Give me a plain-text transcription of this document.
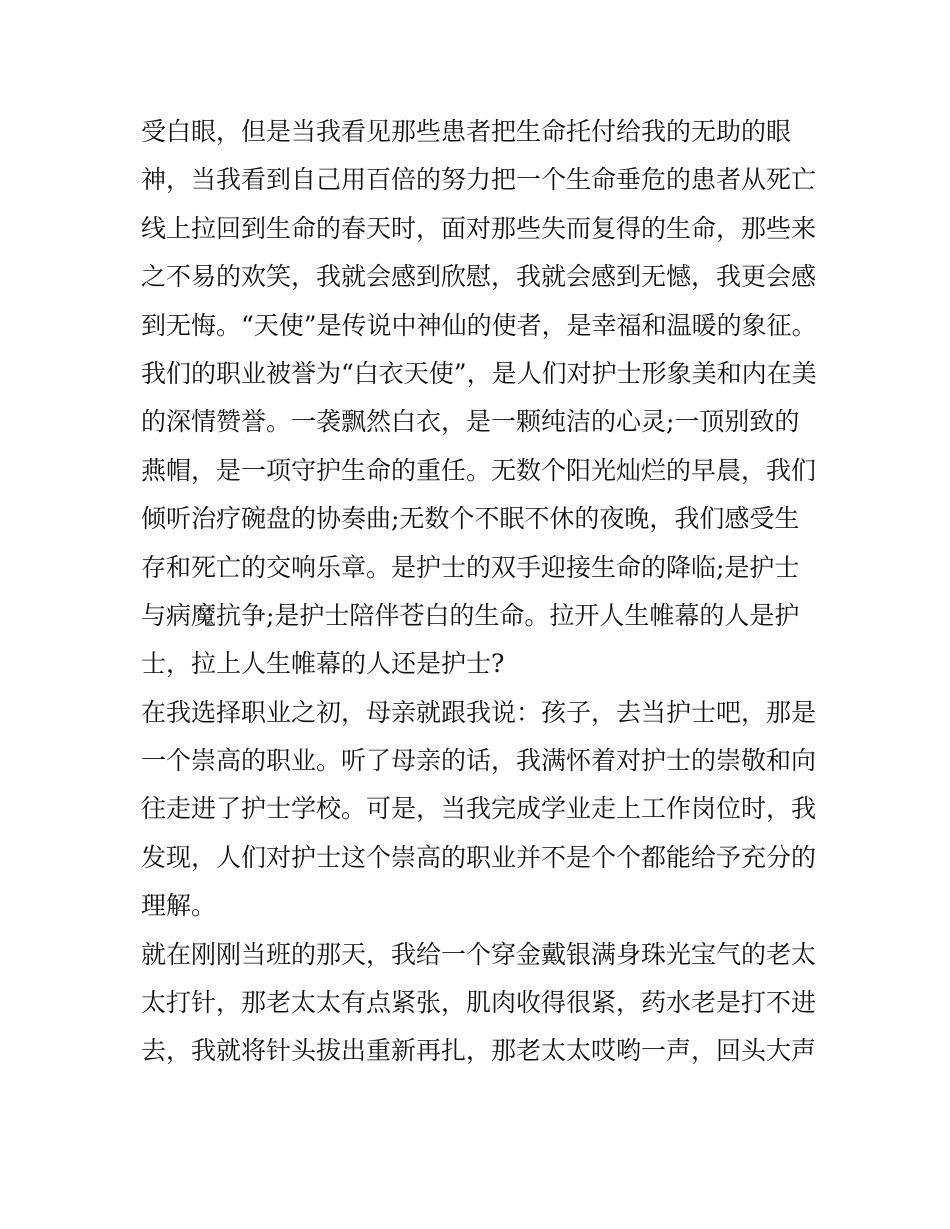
受白眼，但是当我看见那些患者把生命托付给我的无助的眼
神，当我看到自己用百倍的努力把一个生命垂危的患者从死亡
线上拉回到生命的春天时，面对那些失而复得的生命，那些来
之不易的欢笑，我就会感到欣慰，我就会感到无憾，我更会感
到无悔。“天使”是传说中神仙的使者，是幸福和温暖的象征。
我们的职业被誉为“白衣天使”，是人们对护士形象美和内在美
的深情赞誉。一袭飘然白衣，是一颗纯洁的心灵;一顶别致的
燕帽，是一项守护生命的重任。无数个阳光灿烂的早晨，我们
倾听治疗碗盘的协奏曲;无数个不眠不休的夜晚，我们感受生
存和死亡的交响乐章。是护士的双手迎接生命的降临;是护士
与病魔抗争;是护士陪伴苍白的生命。拉开人生帷幕的人是护
士，拉上人生帷幕的人还是护士?
在我选择职业之初，母亲就跟我说：孩子，去当护士吧，那是
一个崇高的职业。听了母亲的话，我满怀着对护士的崇敬和向
往走进了护士学校。可是，当我完成学业走上工作岗位时，我
发现，人们对护士这个崇高的职业并不是个个都能给予充分的
理解。
就在刚刚当班的那天，我给一个穿金戴银满身珠光宝气的老太
太打针，那老太太有点紧张，肌肉收得很紧，药水老是打不进
去，我就将针头拔出重新再扎，那老太太哎哟一声，回头大声
